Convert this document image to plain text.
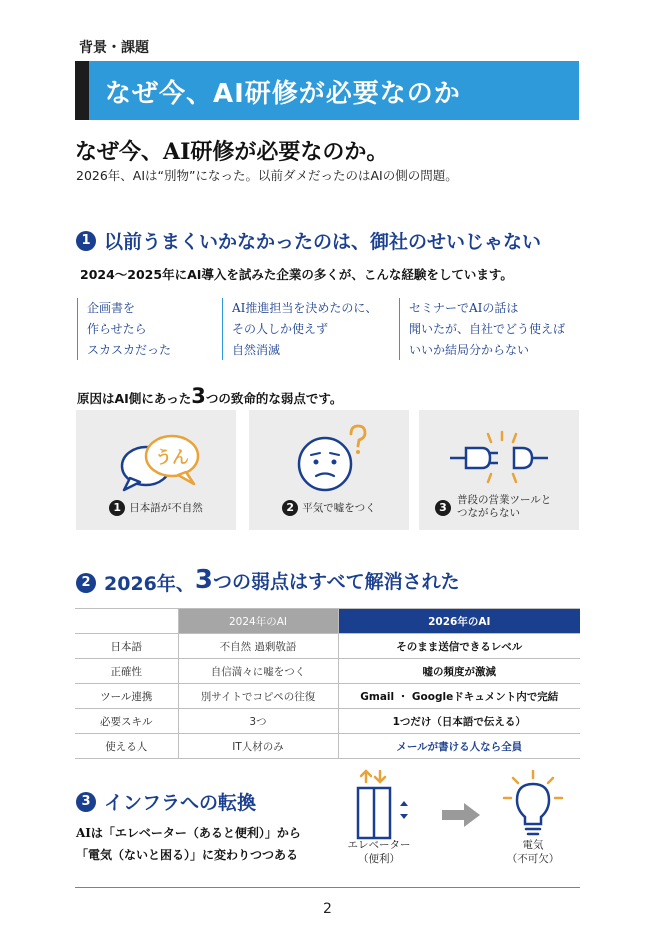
背景・課題
なぜ今、AI研修が必要なのか
なぜ今、AI研修が必要なのか。
2026年、AIは“別物”になった。以前ダメだったのはAIの側の問題。
1 以前うまくいかなかったのは、御社のせいじゃない
2024〜2025年にAI導入を試みた企業の多くが、こんな経験をしています。
企画書を
作らせたら
スカスカだった
AI推進担当を決めたのに、
その人しか使えず
自然消滅
セミナーでAIの話は
聞いたが、自社でどう使えば
いいか結局分からない
原因はAI側にあった3つの致命的な弱点です。
うん
1 日本語が不自然	2 平気で嘘をつく	3
普段の営業ツールと
つながらない
2 2026年、3つの弱点はすべて解消された
	2024年のAI	2026年のAI
日本語	不自然 過剰敬語	そのまま送信できるレベル
正確性	自信満々に嘘をつく	嘘の頻度が激減
ツール連携	別サイトでコピペの往復	Gmail ・ Googleドキュメント内で完結
必要スキル	3つ	1つだけ（日本語で伝える）
使える人	IT人材のみ	メールが書ける人なら全員
3 インフラへの転換
AIは「エレベーター（あると便利）」から
「電気（ないと困る）」に変わりつつある
エレベーター
（便利）
電気
（不可欠）
2
